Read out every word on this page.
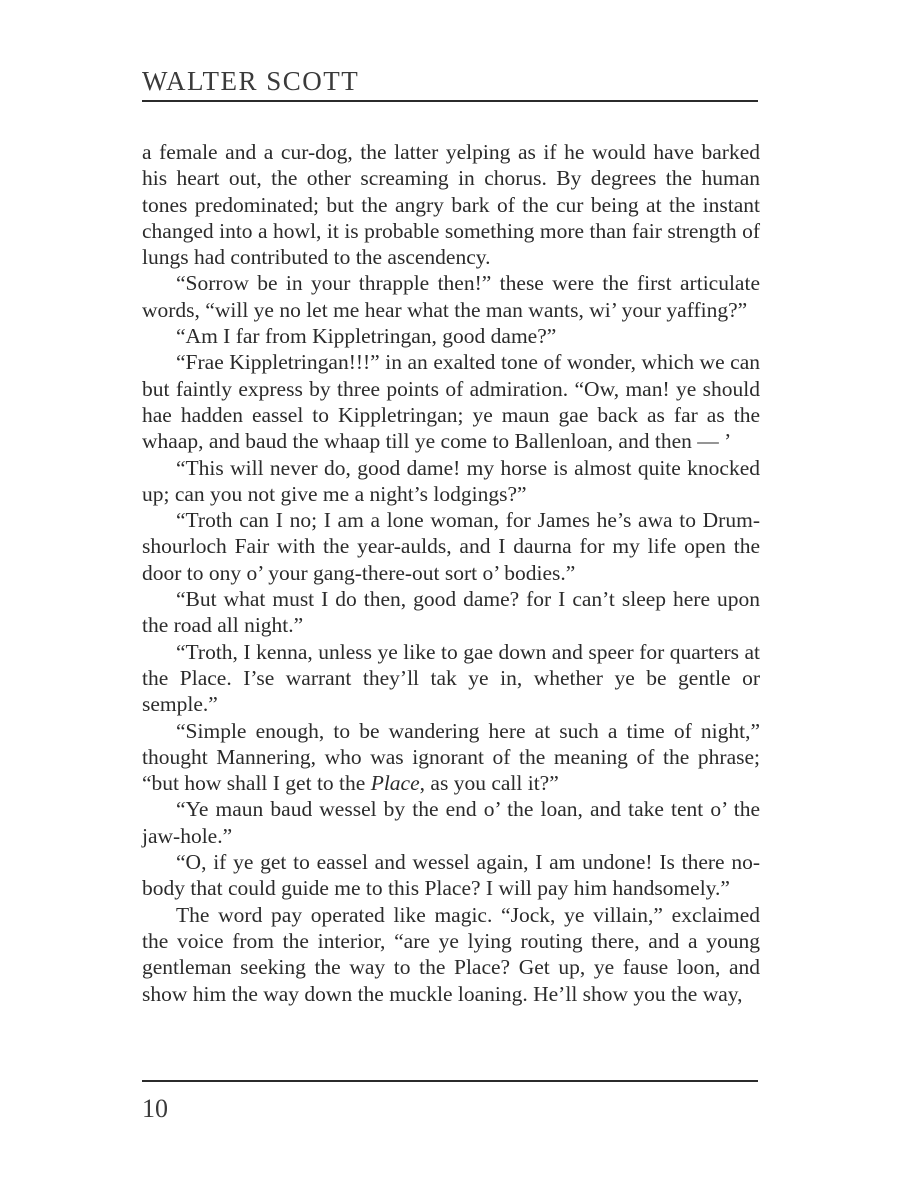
WALTER SCOTT

a female and a cur-dog, the latter yelping as if he would have barked his heart out, the other screaming in chorus. By degrees the human tones predominated; but the angry bark of the cur being at the instant changed into a howl, it is probable something more than fair strength of lungs had contributed to the ascendency.

“Sorrow be in your thrapple then!” these were the first articulate words, “will ye no let me hear what the man wants, wi’ your yaffing?”

“Am I far from Kippletringan, good dame?”

“Frae Kippletringan!!!” in an exalted tone of wonder, which we can but faintly express by three points of admiration. “Ow, man! ye should hae hadden eassel to Kippletringan; ye maun gae back as far as the whaap, and baud the whaap till ye come to Ballenloan, and then — ’

“This will never do, good dame! my horse is almost quite knocked up; can you not give me a night’s lodgings?”

“Troth can I no; I am a lone woman, for James he’s awa to Drumshourloch Fair with the year-aulds, and I daurna for my life open the door to ony o’ your gang-there-out sort o’ bodies.”

“But what must I do then, good dame? for I can’t sleep here upon the road all night.”

“Troth, I kenna, unless ye like to gae down and speer for quarters at the Place. I’se warrant they’ll tak ye in, whether ye be gentle or semple.”

“Simple enough, to be wandering here at such a time of night,” thought Mannering, who was ignorant of the meaning of the phrase; “but how shall I get to the Place, as you call it?”

“Ye maun baud wessel by the end o’ the loan, and take tent o’ the jaw-hole.”

“O, if ye get to eassel and wessel again, I am undone! Is there nobody that could guide me to this Place? I will pay him handsomely.”

The word pay operated like magic. “Jock, ye villain,” exclaimed the voice from the interior, “are ye lying routing there, and a young gentleman seeking the way to the Place? Get up, ye fause loon, and show him the way down the muckle loaning. He’ll show you the way,

10
